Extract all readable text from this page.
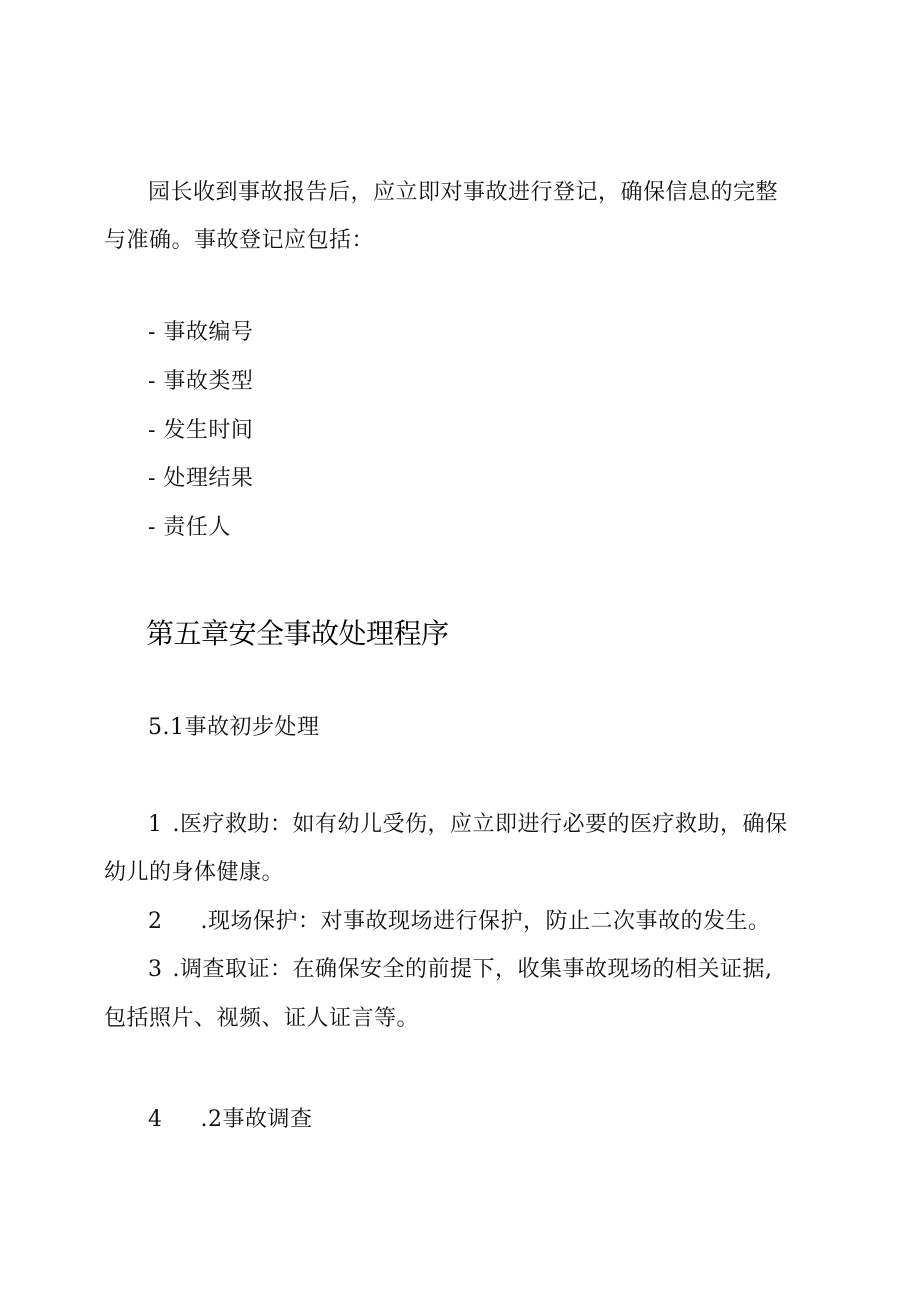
园长收到事故报告后，应立即对事故进行登记，确保信息的完整
与准确。事故登记应包括：
- 事故编号
- 事故类型
- 发生时间
- 处理结果
- 责任人
第五章安全事故处理程序
5.1事故初步处理
1 .医疗救助：如有幼儿受伤，应立即进行必要的医疗救助，确保
幼儿的身体健康。
2 .现场保护：对事故现场进行保护，防止二次事故的发生。
3 .调查取证：在确保安全的前提下，收集事故现场的相关证据,
包括照片、视频、证人证言等。
4 .2事故调查
